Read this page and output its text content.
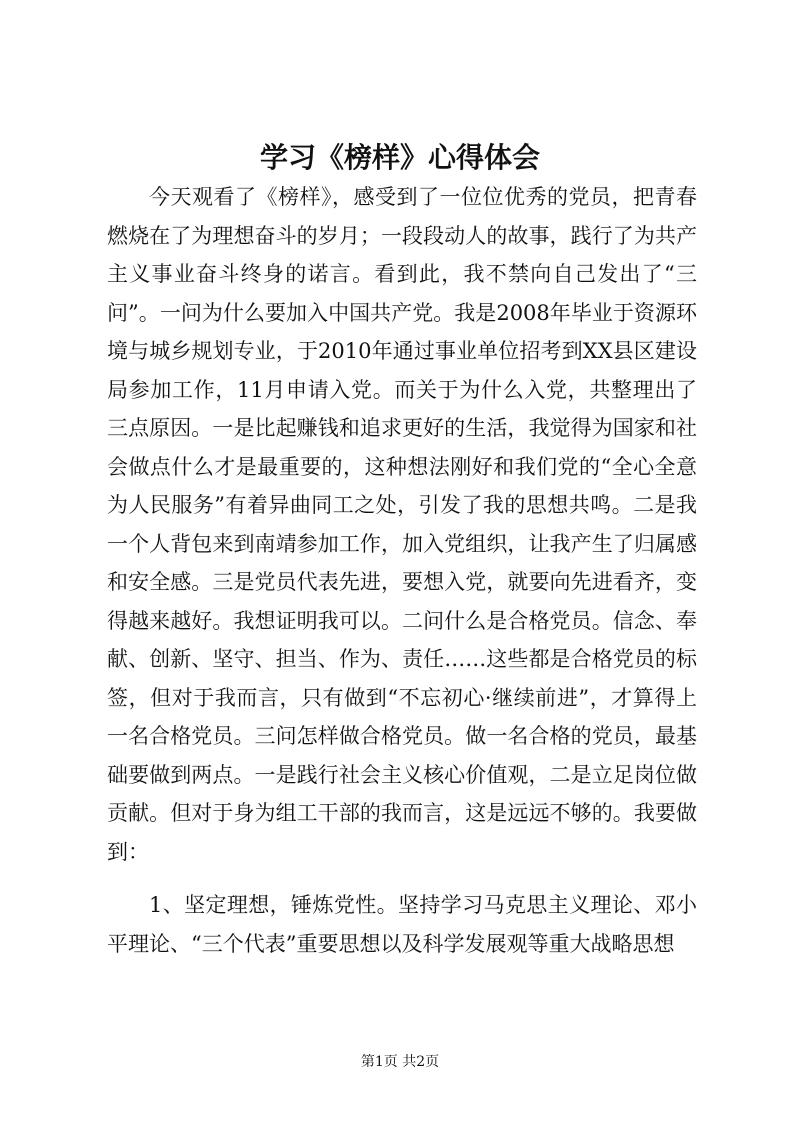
学习《榜样》心得体会

今天观看了《榜样》，感受到了一位位优秀的党员，把青春燃烧在了为理想奋斗的岁月；一段段动人的故事，践行了为共产主义事业奋斗终身的诺言。看到此，我不禁向自己发出了“三问”。一问为什么要加入中国共产党。我是2008年毕业于资源环境与城乡规划专业，于2010年通过事业单位招考到XX县区建设局参加工作，11月申请入党。而关于为什么入党，共整理出了三点原因。一是比起赚钱和追求更好的生活，我觉得为国家和社会做点什么才是最重要的，这种想法刚好和我们党的“全心全意为人民服务”有着异曲同工之处，引发了我的思想共鸣。二是我一个人背包来到南靖参加工作，加入党组织，让我产生了归属感和安全感。三是党员代表先进，要想入党，就要向先进看齐，变得越来越好。我想证明我可以。二问什么是合格党员。信念、奉献、创新、坚守、担当、作为、责任……这些都是合格党员的标签，但对于我而言，只有做到“不忘初心·继续前进”，才算得上一名合格党员。三问怎样做合格党员。做一名合格的党员，最基础要做到两点。一是践行社会主义核心价值观，二是立足岗位做贡献。但对于身为组工干部的我而言，这是远远不够的。我要做到：

1、坚定理想，锤炼党性。坚持学习马克思主义理论、邓小平理论、“三个代表”重要思想以及科学发展观等重大战略思想

第1页 共2页
